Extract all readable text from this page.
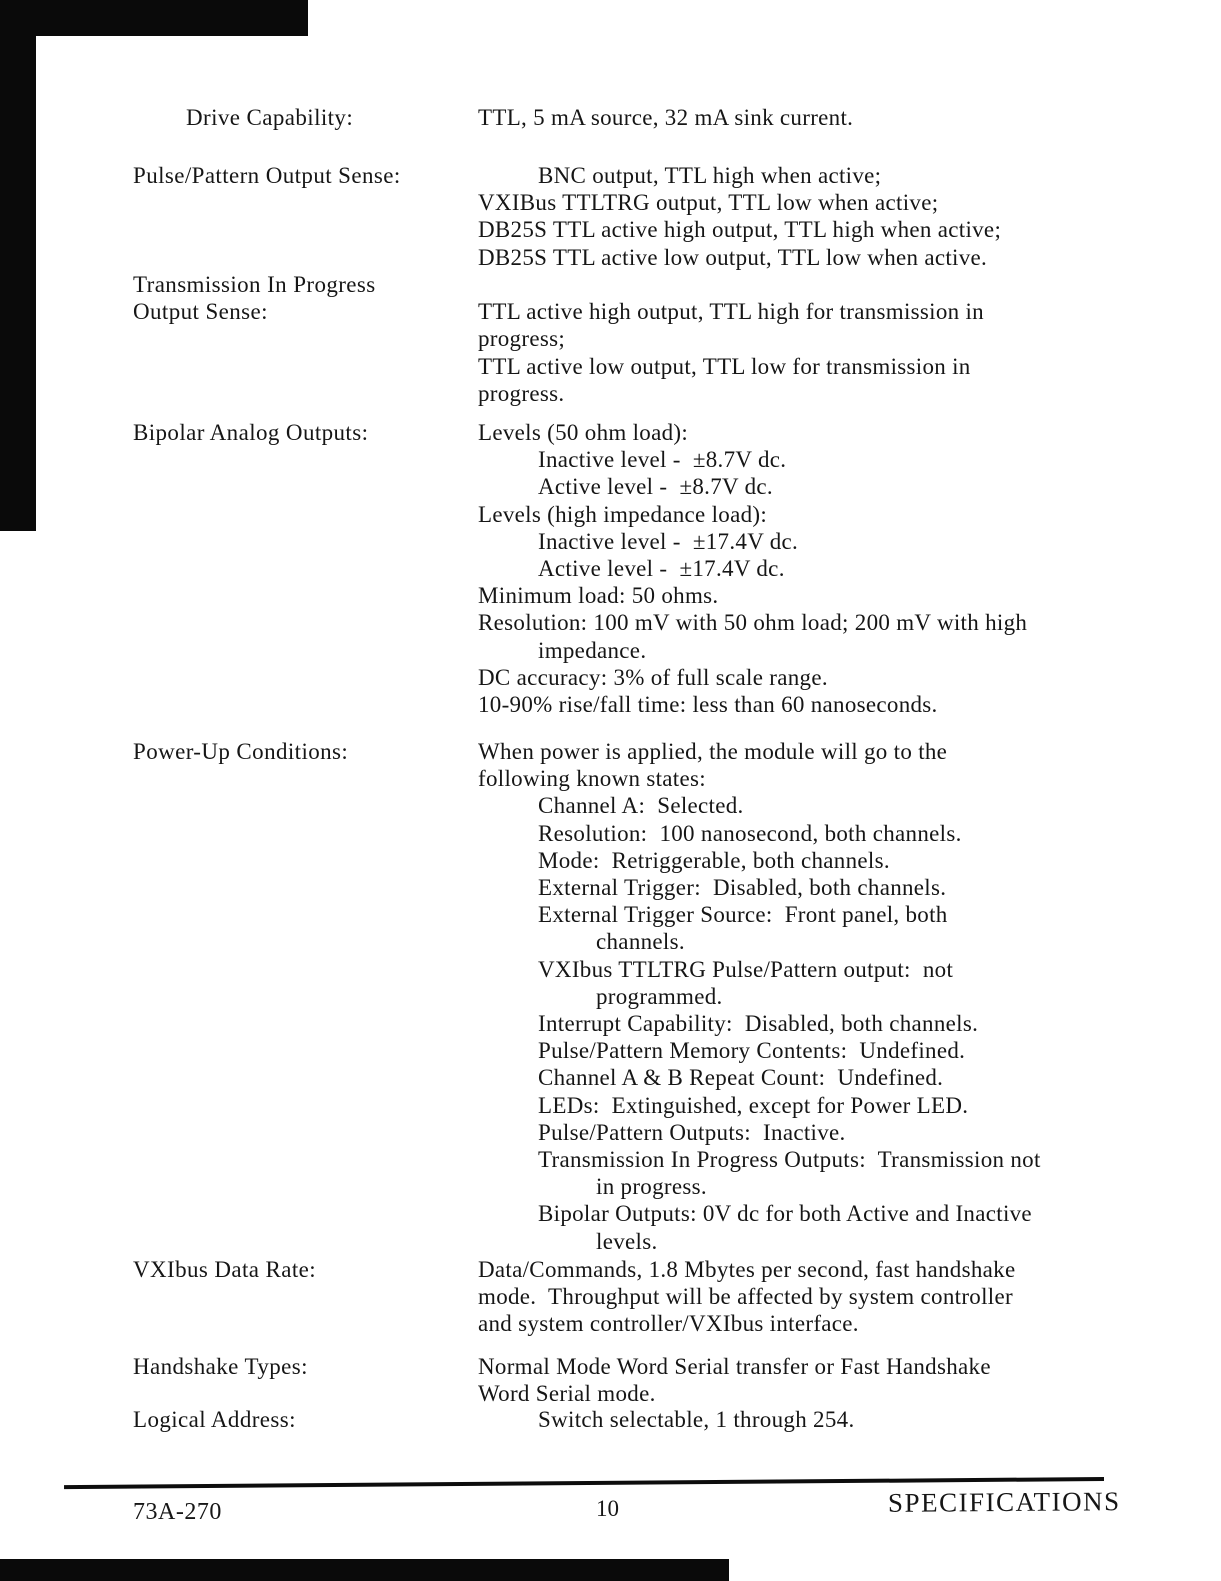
Drive Capability:	TTL, 5 mA source, 32 mA sink current.
Pulse/Pattern Output Sense:	BNC output, TTL high when active;
VXIBus TTLTRG output, TTL low when active;
DB25S TTL active high output, TTL high when active;
DB25S TTL active low output, TTL low when active.
Transmission In Progress
Output Sense:	TTL active high output, TTL high for transmission in
progress;
TTL active low output, TTL low for transmission in
progress.
Bipolar Analog Outputs:	Levels (50 ohm load):
Inactive level -  ±8.7V dc.
Active level -  ±8.7V dc.
Levels (high impedance load):
Inactive level -  ±17.4V dc.
Active level -  ±17.4V dc.
Minimum load: 50 ohms.
Resolution: 100 mV with 50 ohm load; 200 mV with high
impedance.
DC accuracy: 3% of full scale range.
10-90% rise/fall time: less than 60 nanoseconds.
Power-Up Conditions:	When power is applied, the module will go to the
following known states:
Channel A:  Selected.
Resolution:  100 nanosecond, both channels.
Mode:  Retriggerable, both channels.
External Trigger:  Disabled, both channels.
External Trigger Source:  Front panel, both
channels.
VXIbus TTLTRG Pulse/Pattern output:  not
programmed.
Interrupt Capability:  Disabled, both channels.
Pulse/Pattern Memory Contents:  Undefined.
Channel A & B Repeat Count:  Undefined.
LEDs:  Extinguished, except for Power LED.
Pulse/Pattern Outputs:  Inactive.
Transmission In Progress Outputs:  Transmission not
in progress.
Bipolar Outputs: 0V dc for both Active and Inactive
levels.
VXIbus Data Rate:	Data/Commands, 1.8 Mbytes per second, fast handshake
mode.  Throughput will be affected by system controller
and system controller/VXIbus interface.
Handshake Types:	Normal Mode Word Serial transfer or Fast Handshake
Word Serial mode.
Logical Address:	Switch selectable, 1 through 254.
73A-270	10	SPECIFICATIONS
